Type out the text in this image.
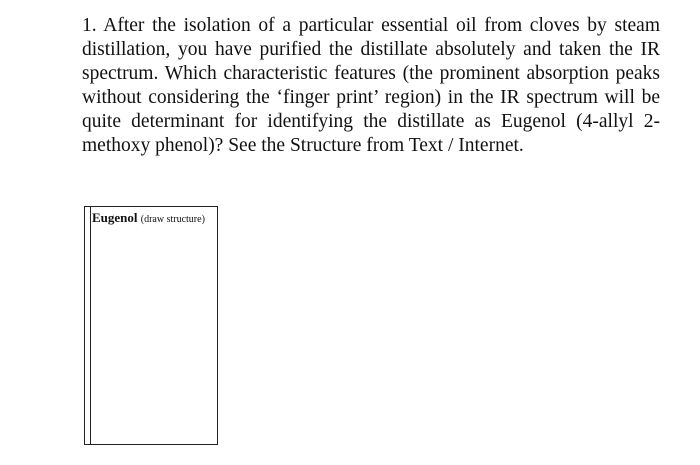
1. After the isolation of a particular essential oil from cloves by steam distillation, you have purified the distillate absolutely and taken the IR spectrum. Which characteristic features (the prominent absorption peaks without considering the ‘finger print’ region) in the IR spectrum will be quite determinant for identifying the distillate as Eugenol (4-allyl 2-methoxy phenol)? See the Structure from Text / Internet.

Eugenol (draw structure)
